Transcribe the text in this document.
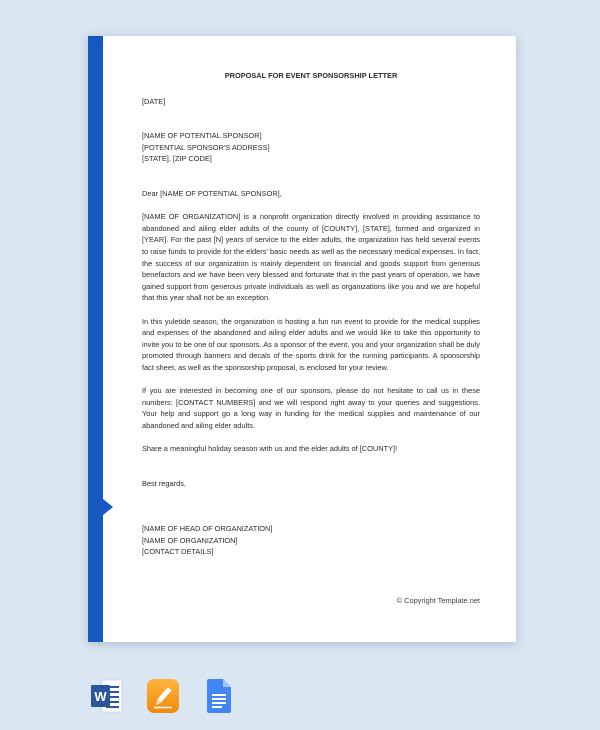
PROPOSAL FOR EVENT SPONSORSHIP LETTER

[DATE]

[NAME OF POTENTIAL SPONSOR]

[POTENTIAL SPONSOR'S ADDRESS]

[STATE], [ZIP CODE]

Dear [NAME OF POTENTIAL SPONSOR],

[NAME OF ORGANIZATION] is a nonprofit organization directly involved in providing assistance to abandoned and ailing elder adults of the county of [COUNTY], [STATE], formed and organized in [YEAR]. For the past [N] years of service to the elder adults, the organization has held several events to raise funds to provide for the elders' basic needs as well as the necessary medical expenses. In fact, the success of our organization is mainly dependent on financial and goods support from generous benefactors and we have been very blessed and fortunate that in the past years of operation, we have gained support from generous private individuals as well as organizations like you and we are hopeful that this year shall not be an exception.

In this yuletide season, the organization is hosting a fun run event to provide for the medical supplies and expenses of the abandoned and ailing elder adults and we would like to take this opportunity to invite you to be one of our sponsors. As a sponsor of the event, you and your organization shall be duly promoted through banners and decals of the sports drink for the running participants. A sponsorship fact sheet, as well as the sponsorship proposal, is enclosed for your review.

If you are interested in becoming one of our sponsors, please do not hesitate to call us in these numbers: [CONTACT NUMBERS] and we will respond right away to your queries and suggestions. Your help and support go a long way in funding for the medical supplies and maintenance of our abandoned and ailing elder adults.

Share a meaningful holiday season with us and the elder adults of [COUNTY]!

Best regards,

[NAME OF HEAD OF ORGANIZATION]

[NAME OF ORGANIZATION]

[CONTACT DETAILS]

© Copyright Template.net
W
